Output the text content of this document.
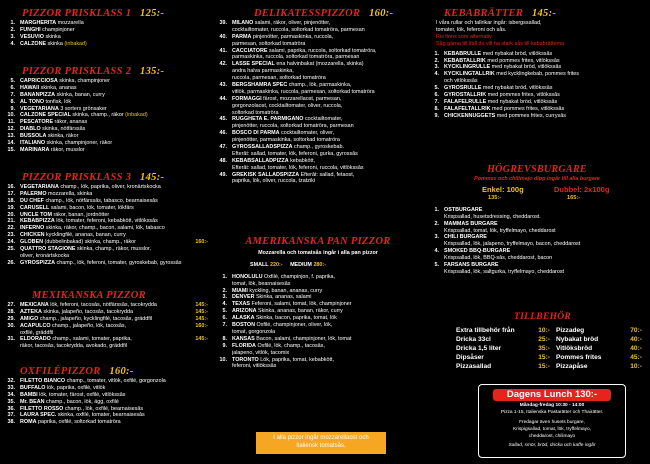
PIZZOR PRISKLASS 1 125:-
1. MARGHERITA mozzarella
2. FUNGHI champinjoner
3. VESUVIO skinka
4. CALZONE skinka (inbakad)
PIZZOR PRISKLASS 2 135:-
5. CAPRICCIOSA skinka, champinjoner
6. HAWAII skinka, ananas
7. BANANPIZZA skinka, banan, curry
8. AL TONO tonfisk, lök
9. VEGETARIANA 3 sorters grönsaker
10. CALZONE SPECIAL skinka, champ., räkor (inbakad)
11. PESCATORE räkor, ananas
12. DIABLO skinka, nötfärssås
13. BUSSOLA skinka, räkor
14. ITALIANO skinka, champinjoner, räkor
15. MARINARA räkor, musslor
PIZZOR PRISKLASS 3 145:-
16. VEGETARIANA champ., lök, paprika, oliver, kronärtskocka
17. PALERMO mozzarella, skinka
18. DU CHEF champ., lök, nötfärssås, tabasco, bearnaisesås
19. CARUSELL salami, bacon, lök, tomater, lökfärs
20. UNCLE TOM räkor, banan, jordnötter
21. KEBABPIZZA lök, tomater, feferoni, kebabkött, vitlökssås
22. INFERNO skinka, räkor, champ., bacon, salami, lök, tabasco
23. CHICKEN kycklingfilé, ananas, banan, curry
24. GLOBEN (dubbelinbakad) skinka, champ., räkor	160:-
25. QUATTRO STAGIONE skinka, champ., räkor, musslor,
oliver, kronärtskocka
26. GYROSPIZZA champ., lök, feferoni, tomater, gyroskebab, gyrossås
MEXIKANSKA PIZZOR
27. MEXICANA lök, feferoni, tacosås, nötfärssås, tacokrydda	145:-
28. AZTEKA skinka, jalapeño, tacosås, tacokrydda	145:-
29. AMIGO champ., jalapeño, kycklingfilé, tacosås, gräddfil	145:-
30. ACAPULCO champ., jalapeño, lök, tacosås,	160:-
oxfilé, gräddfil
31. ELDORADO champ., salami, tomater, paprika,	145:-
räkor, tacosås, tacokrydda, avokado, gräddfil
OXFILÉPIZZOR 160:-
32. FILETTO BIANCO champ., tomater, vitlök, oxfilé, gorgonzola
33. BUFFALO lök, paprika, oxfilé, vitlök
34. BAMBI lök, tomater, färost, oxfilé, vitlökssås
35. Mr. BEAN champ., bacon, lök, ägg, oxfilé
36. FILETTO ROSSO champ., lök, oxfilé, bearnaisesås
37. LAURA SPEC. skinka, oxfilé, tomater, bearnaisesås
38. ROMA paprika, oxfilé, soltorkad tomatröra
DELIKATESSPIZZOR 160:-
39. MILANO salami, räkor, oliver, pinjenötter,
cocktailtomater, ruccola, soltorkad tomatröra, parmesan
40. PARMA pinjenötter, parmaskinka, ruccola,
parmesan, soltorkad tomatröra
41. CACCIATORE salami, paprika, ruccola, soltorkad tomatröra,
parmaskinka, ruccola, soltorkad tomatröra, parmesan
42. LASSE SPECIAL ena halvinbakat (mozzarella, skinka)
andra halva parmaskinka,
ruccola, parmesan, soltorkad tomatröra
43. BERGSHAMRA SPEC champ., lök, parmaskinka,
vitlök, parmaskinka, ruccola, parmesan, soltorkad tomatröra
44. FORMAGGI färost, mozzarellaost, parmesan,
gorgonzolaost, cocktailtomater, oliver, ruccola,
soltorkad tomatröra
45. RUGGHETA E. PARMIGANO cocktailtomater,
pinjenötter, ruccola, soltorkad tomatröra, parmesan
46. BOSCO DI PARMA cocktailtomater, oliver,
pinjenötter, parmaskinka, soltorkad tomatröra
47. GYROSSALLADSPIZZA champ., gyroskebab.
Efteråt: sallad, tomater, lök, feferoni, gurka, gyrossås
48. KEBABSALLADPIZZA kebabkött,
Efteråt: sallad, tomater, lök, feferoni, ruccola, vitlökssås
49. GREKISK SALLADSPIZZA Efteråt: sallad, fetaost,
paprika, lök, oliver, ruccola, tzatziki
AMERIKANSKA PAN PIZZOR
Mozzarella och tomatsås ingår i alla pan pizzor
SMALL 220:- MEDIUM 280:-
1. HONOLULU Oxfilé, champinjon, f. paprika,
tomat, lök, bearnaisesås
2. MIAMI kyckling, banan, ananas, curry
3. DENVER Skinka, ananas, salami
4. TEXAS Feferoni, salami, tomat, lök, champinjoner
5. ARIZONA Skinka, ananas, banan, räkor, curry
6. ALASKA Skinka, bacon, paprika, tomat, lök
7. BOSTON Oxfilé, champinjoner, oliver, lök,
tomat, gorgonzola
8. KANSAS Bacon, salami, champinjoner, lök, tomat
9. FLORIDA Oxfilé, lök, champ., tacosås,
jalapeno, vitlök, tacomix
10. TORONTO Lök, paprika, tomat, kebabkött,
feferoni, vitlökssås
I alla pizzor ingår mozzarellaost och italiensk tomatsås.
KEBABRÄTTER 145:-
I våra rullar och tallrikar ingår: isbergssallad,
tomater, lök, feferoni och sås.
Ris finns som alternativ
Såg gärna till ifall du vill ha stark sås till kebabrätterna
1. KEBABRULLE med nybakat bröd, vitlökssås
2. KEBABTALLRIK med pommes frites, vitlökssås
3. KYCKLINGRULLE med nybakat bröd, vitlökssås
4. KYCKLINGTALLRIK med kycklingkebab, pommes frites
och vitlökssås
5. GYROSRULLE med nybakat bröd, vitlökssås
6. GYROSTALLRIK med pommes frites, vitlökssås
7. FALAFELRULLE med nybakat bröd, vitlökssås
8. FALAFELTALLRIK med pommes frites, vitlökssås
9. CHICKENNUGGETS med pommes frites, currysås
HÖGREVSBURGARE
Pommes och chilimajo dipp ingår till alla burgare
Enkel: 100g	Dubbel: 2x100g
135:-	165:-
1. OSTBURGARE
Krispsallad, husetsdressing, cheddarost.
2. MAMMAS BURGARE
Krispsallad, tomat, lök, tryffelmayo, cheddarost
3. CHILI BURGARE
Krispsallad, lök, jalapeno, tryffelmayo, bacon, cheddarost
4. SMOKED BBQ-BURGARE
Krispsallad, lök, BBQ-sås, cheddarost, bacon
5. FARSANS BURGARE
Krispsallad, lök, saltgurka, tryffelmayo, cheddarost
TILLBEHÖR
Extra tillbehör från	10:-
Dricka 33cl	25:-
Dricka 1,5 liter	35:-
Dipsåser	15:-
Pizzasallad	15:-
Pizzadeg	70:-
Nybakat bröd	40:-
Vitlöksbröd	40:-
Pommes frites	45:-
Pizzapåse	10:-
Dagens Lunch 130:-
Måndag-fredag 10:30 - 14:00
Pizza 1-15, Italienska Pastarätter och Thairätter.
Fredagar även husets burgare,
Krispigsallad, tomat, lök, tryffelmayo,
cheddarost, chilimayo
Sallad, smör, bröd, dricka och kaffe ingår
